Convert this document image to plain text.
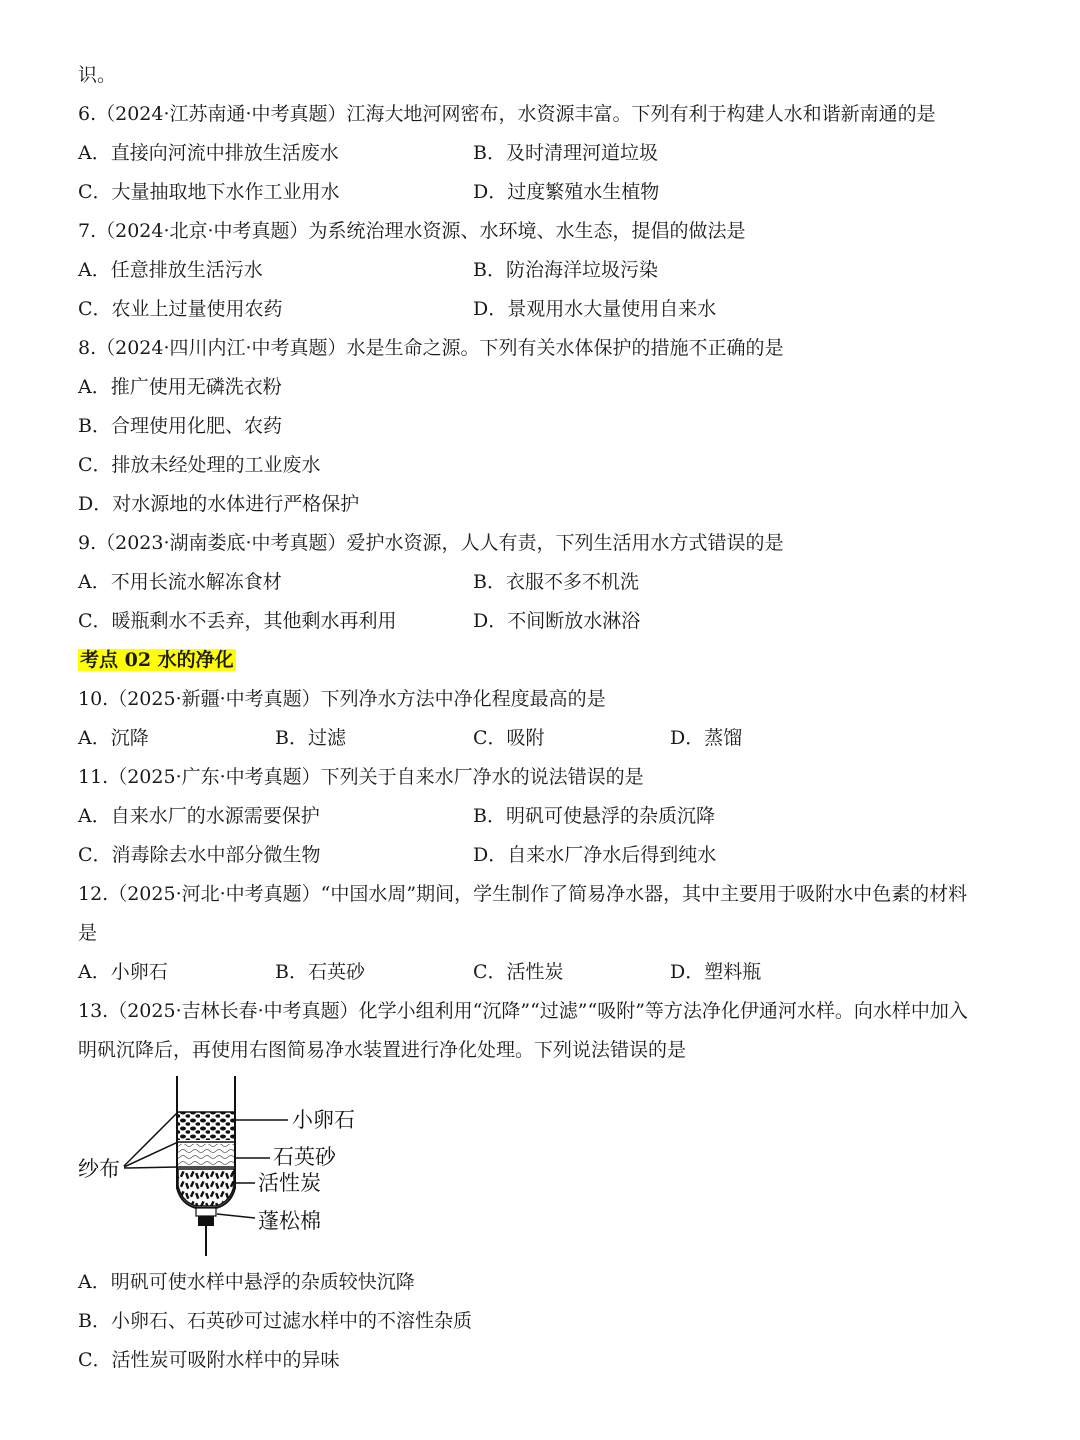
识。
6.（2024·江苏南通·中考真题）江海大地河网密布，水资源丰富。下列有利于构建人水和谐新南通的是
A．直接向河流中排放生活废水	B．及时清理河道垃圾
C．大量抽取地下水作工业用水	D．过度繁殖水生植物
7.（2024·北京·中考真题）为系统治理水资源、水环境、水生态，提倡的做法是
A．任意排放生活污水	B．防治海洋垃圾污染
C．农业上过量使用农药	D．景观用水大量使用自来水
8.（2024·四川内江·中考真题）水是生命之源。下列有关水体保护的措施不正确的是
A．推广使用无磷洗衣粉
B．合理使用化肥、农药
C．排放未经处理的工业废水
D．对水源地的水体进行严格保护
9.（2023·湖南娄底·中考真题）爱护水资源，人人有责，下列生活用水方式错误的是
A．不用长流水解冻食材	B．衣服不多不机洗
C．暖瓶剩水不丢弃，其他剩水再利用	D．不间断放水淋浴
考点 02 水的净化
10.（2025·新疆·中考真题）下列净水方法中净化程度最高的是
A．沉降	B．过滤	C．吸附	D．蒸馏
11.（2025·广东·中考真题）下列关于自来水厂净水的说法错误的是
A．自来水厂的水源需要保护	B．明矾可使悬浮的杂质沉降
C．消毒除去水中部分微生物	D．自来水厂净水后得到纯水
12.（2025·河北·中考真题）“中国水周”期间，学生制作了简易净水器，其中主要用于吸附水中色素的材料
是
A．小卵石	B．石英砂	C．活性炭	D．塑料瓶
13.（2025·吉林长春·中考真题）化学小组利用“沉降”“过滤”“吸附”等方法净化伊通河水样。向水样中加入
明矾沉降后，再使用右图简易净水装置进行净化处理。下列说法错误的是
小卵石
石英砂
活性炭
蓬松棉
纱布
A．明矾可使水样中悬浮的杂质较快沉降
B．小卵石、石英砂可过滤水样中的不溶性杂质
C．活性炭可吸附水样中的异味
